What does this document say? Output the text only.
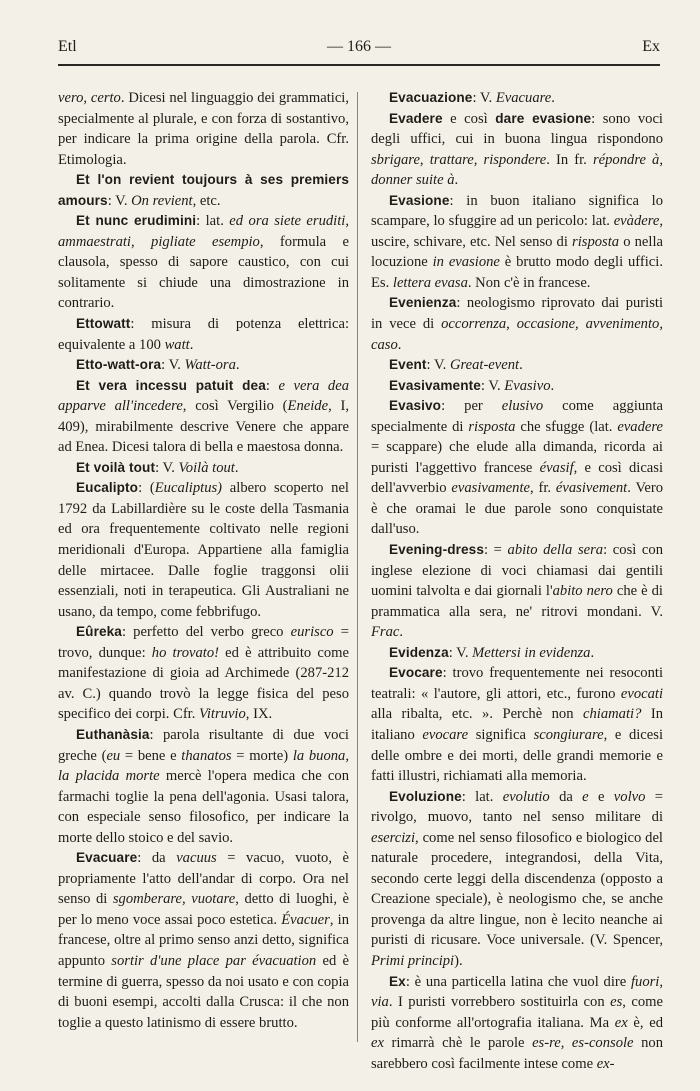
Etl	— 166 —	Ex

vero, certo. Dicesi nel linguaggio dei grammatici, specialmente al plurale, e con forza di sostantivo, per indicare la prima origine della parola. Cfr. Etimologia.

Et l'on revient toujours à ses premiers amours: V. On revient, etc.

Et nunc erudimini: lat. ed ora siete eruditi, ammaestrati, pigliate esempio, formula e clausola, spesso di sapore caustico, con cui solitamente si chiude una dimostrazione in contrario.

Ettowatt: misura di potenza elettrica: equivalente a 100 watt.

Etto-watt-ora: V. Watt-ora.

Et vera incessu patuit dea: e vera dea apparve all'incedere, così Vergilio (Eneide, I, 409), mirabilmente descrive Venere che appare ad Enea. Dicesi talora di bella e maestosa donna.

Et voilà tout: V. Voilà tout.

Eucalipto: (Eucaliptus) albero scoperto nel 1792 da Labillardière su le coste della Tasmania ed ora frequentemente coltivato nelle regioni meridionali d'Europa. Appartiene alla famiglia delle mirtacee. Dalle foglie traggonsi olii essenziali, noti in terapeutica. Gli Australiani ne usano, da tempo, come febbrifugo.

Eûreka: perfetto del verbo greco eurisco = trovo, dunque: ho trovato! ed è attribuito come manifestazione di gioia ad Archimede (287-212 av. C.) quando trovò la legge fisica del peso specifico dei corpi. Cfr. Vitruvio, IX.

Euthanàsia: parola risultante di due voci greche (eu = bene e thanatos = morte) la buona, la placida morte mercè l'opera medica che con farmachi toglie la pena dell'agonia. Usasi talora, con especiale senso filosofico, per indicare la morte dello stoico e del savio.

Evacuare: da vacuus = vacuo, vuoto, è propriamente l'atto dell'andar di corpo. Ora nel senso di sgomberare, vuotare, detto di luoghi, è per lo meno voce assai poco estetica. Évacuer, in francese, oltre al primo senso anzi detto, significa appunto sortir d'une place par évacuation ed è termine di guerra, spesso da noi usato e con copia di buoni esempi, accolti dalla Crusca: il che non toglie a questo latinismo di essere brutto.

Evacuazione: V. Evacuare.

Evadere e così dare evasione: sono voci degli uffici, cui in buona lingua rispondono sbrigare, trattare, rispondere. In fr. répondre à, donner suite à.

Evasione: in buon italiano significa lo scampare, lo sfuggire ad un pericolo: lat. evàdere, uscire, schivare, etc. Nel senso di risposta o nella locuzione in evasione è brutto modo degli uffici. Es. lettera evasa. Non c'è in francese.

Evenienza: neologismo riprovato dai puristi in vece di occorrenza, occasione, avvenimento, caso.

Event: V. Great-event.

Evasivamente: V. Evasivo.

Evasivo: per elusivo come aggiunta specialmente di risposta che sfugge (lat. evadere = scappare) che elude alla dimanda, ricorda ai puristi l'aggettivo francese évasif, e così dicasi dell'avverbio evasivamente, fr. évasivement. Vero è che oramai le due parole sono conquistate dall'uso.

Evening-dress: = abito della sera: così con inglese elezione di voci chiamasi dai gentili uomini talvolta e dai giornali l'abito nero che è di prammatica alla sera, ne' ritrovi mondani. V. Frac.

Evidenza: V. Mettersi in evidenza.

Evocare: trovo frequentemente nei resoconti teatrali: « l'autore, gli attori, etc., furono evocati alla ribalta, etc. ». Perchè non chiamati? In italiano evocare significa scongiurare, e dicesi delle ombre e dei morti, delle grandi memorie e fatti illustri, richiamati alla memoria.

Evoluzione: lat. evolutio da e e volvo = rivolgo, muovo, tanto nel senso militare di esercizi, come nel senso filosofico e biologico del naturale procedere, integrandosi, della Vita, secondo certe leggi della discendenza (opposto a Creazione speciale), è neologismo che, se anche provenga da altre lingue, non è lecito neanche ai puristi di ricusare. Voce universale. (V. Spencer, Primi principi).

Ex: è una particella latina che vuol dire fuori, via. I puristi vorrebbero sostituirla con es, come più conforme all'ortografia italiana. Ma ex è, ed ex rimarrà chè le parole es-re, es-console non sarebbero così facilmente intese come ex-
